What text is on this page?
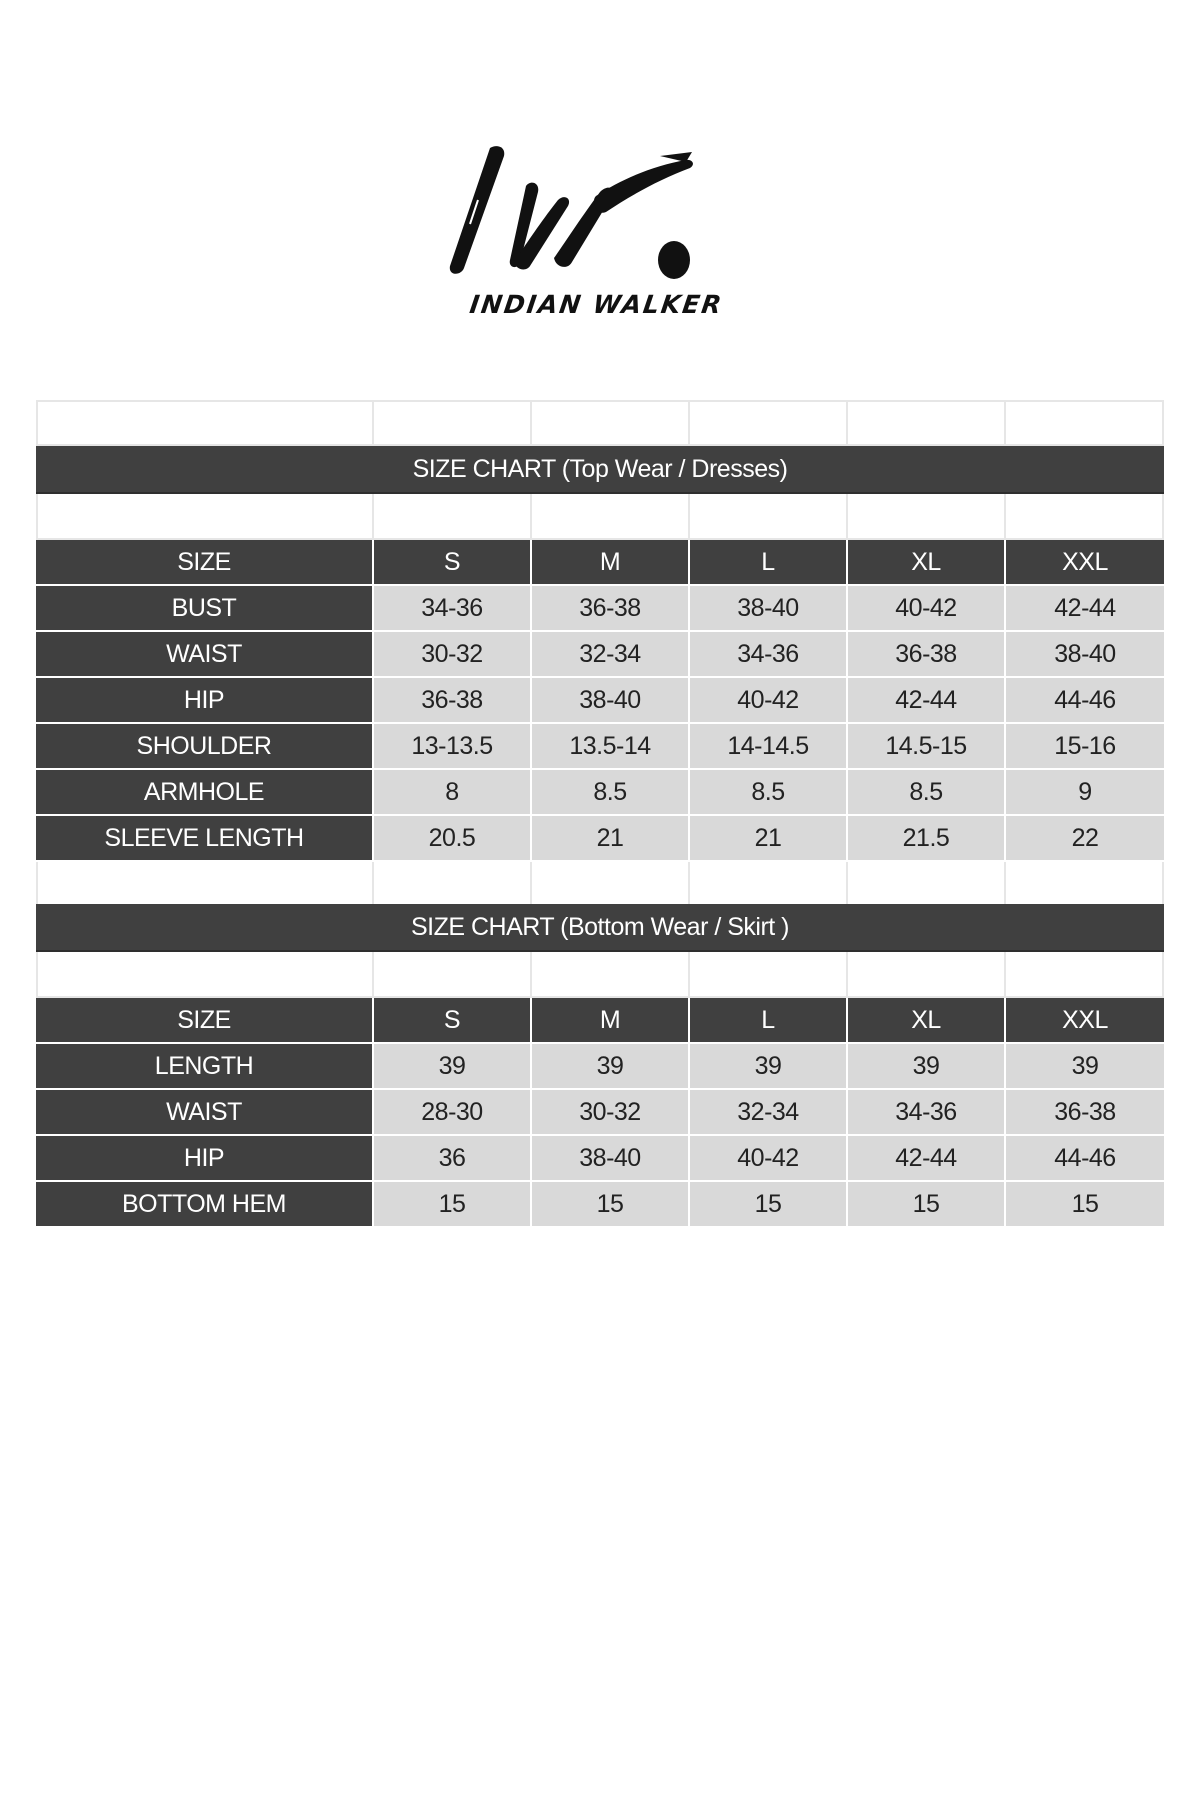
INDIAN WALKER
SIZE CHART (Top Wear / Dresses)
SIZE	S	M	L	XL	XXL
BUST	34-36	36-38	38-40	40-42	42-44
WAIST	30-32	32-34	34-36	36-38	38-40
HIP	36-38	38-40	40-42	42-44	44-46
SHOULDER	13-13.5	13.5-14	14-14.5	14.5-15	15-16
ARMHOLE	8	8.5	8.5	8.5	9
SLEEVE LENGTH	20.5	21	21	21.5	22
SIZE CHART (Bottom Wear / Skirt )
SIZE	S	M	L	XL	XXL
LENGTH	39	39	39	39	39
WAIST	28-30	30-32	32-34	34-36	36-38
HIP	36	38-40	40-42	42-44	44-46
BOTTOM HEM	15	15	15	15	15
